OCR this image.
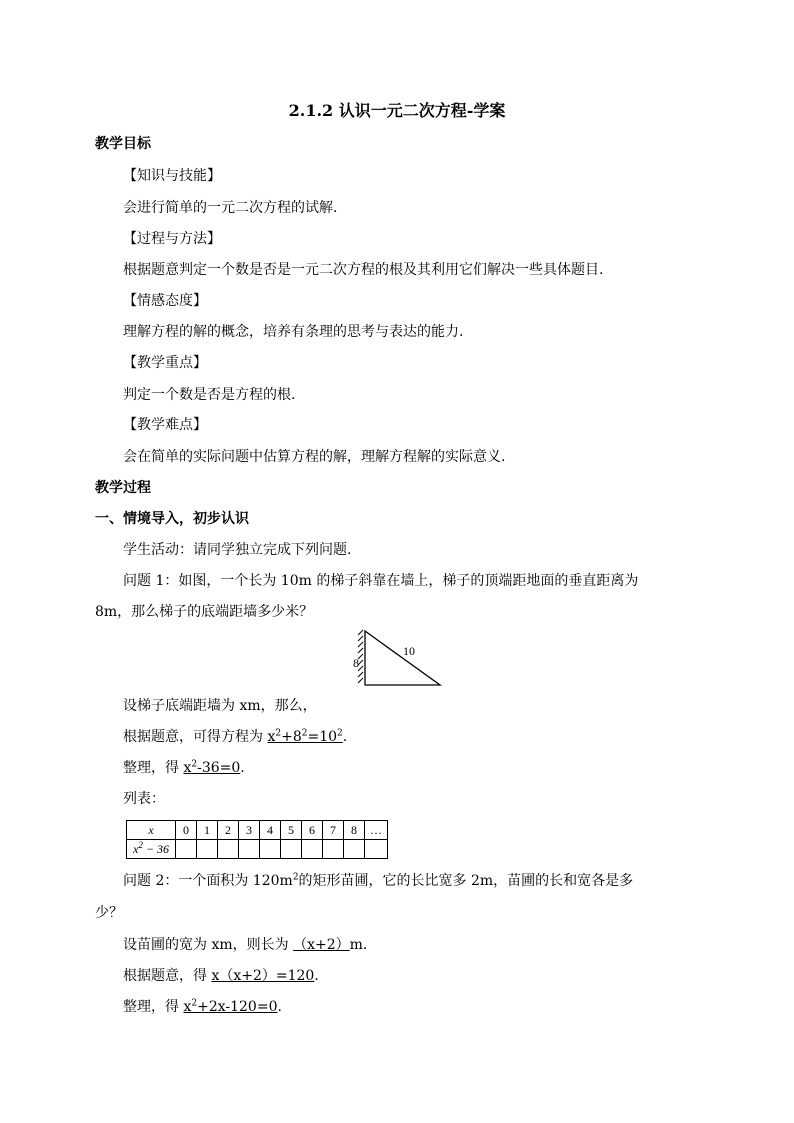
2.1.2 认识一元二次方程-学案
教学目标
【知识与技能】
会进行简单的一元二次方程的试解.
【过程与方法】
根据题意判定一个数是否是一元二次方程的根及其利用它们解决一些具体题目.
【情感态度】
理解方程的解的概念，培养有条理的思考与表达的能力.
【教学重点】
判定一个数是否是方程的根.
【教学难点】
会在简单的实际问题中估算方程的解，理解方程解的实际意义.
教学过程
一、情境导入，初步认识
学生活动：请同学独立完成下列问题.
问题 1：如图，一个长为 10m 的梯子斜靠在墙上，梯子的顶端距地面的垂直距离为
8m，那么梯子的底端距墙多少米？
8
10
设梯子底端距墙为 xm，那么，
根据题意，可得方程为 $x^2+8^2=10^2$.
整理，得 $x^2-36=0$.
列表：
x	0	1	2	3	4	5	6	7	8	…
$x^2 - 36$										
问题 2：一个面积为 $120m^2$的矩形苗圃，它的长比宽多 2m，苗圃的长和宽各是多
少？
设苗圃的宽为 xm，则长为 （x+2）m.
根据题意，得 x（x+2）=120.
整理，得 $x^2+2x-120=0$.
